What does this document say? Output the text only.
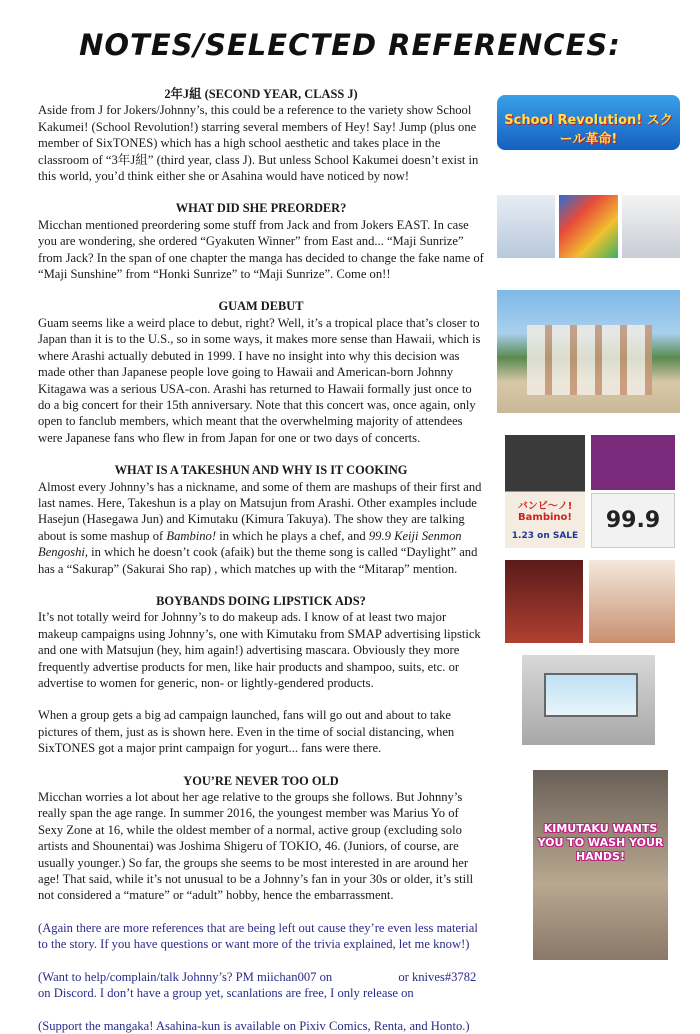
NOTES/SELECTED REFERENCES:
2年J組 (SECOND YEAR, CLASS J)

Aside from J for Jokers/Johnny’s, this could be a reference to the variety show School Kakumei! (School Revolution!) starring several members of Hey! Say! Jump (plus one member of SixTONES) which has a high school aesthetic and takes place in the classroom of “3年J組” (third year, class J). But unless School Kakumei doesn’t exist in this world, you’d think either she or Asahina would have noticed by now!

WHAT DID SHE PREORDER?

Micchan mentioned preordering some stuff from Jack and from Jokers EAST. In case you are wondering, she ordered “Gyakuten Winner” from East and... “Maji Sunrize” from Jack? In the span of one chapter the manga has decided to change the fake name of “Maji Sunshine” from “Honki Sunrize” to “Maji Sunrize”. Come on!!

GUAM DEBUT

Guam seems like a weird place to debut, right? Well, it’s a tropical place that’s closer to Japan than it is to the U.S., so in some ways, it makes more sense than Hawaii, which is where Arashi actually debuted in 1999. I have no insight into why this decision was made other than Japanese people love going to Hawaii and American-born Johnny Kitagawa was a serious USA-con. Arashi has returned to Hawaii formally just once to do a big concert for their 15th anniversary. Note that this concert was, once again, only open to fanclub members, which meant that the overwhelming majority of attendees were Japanese fans who flew in from Japan for one or two days of concerts.

WHAT IS A TAKESHUN AND WHY IS IT COOKING

Almost every Johnny’s has a nickname, and some of them are mashups of their first and last names. Here, Takeshun is a play on Matsujun from Arashi. Other examples include Hasejun (Hasegawa Jun) and Kimutaku (Kimura Takuya). The show they are talking about is some mashup of Bambino! in which he plays a chef, and 99.9 Keiji Senmon Bengoshi, in which he doesn’t cook (afaik) but the theme song is called “Daylight” and has a “Sakurap” (Sakurai Sho rap) , which matches up with the “Mitarap” mention.

BOYBANDS DOING LIPSTICK ADS?

It’s not totally weird for Johnny’s to do makeup ads. I know of at least two major makeup campaigns using Johnny’s, one with Kimutaku from SMAP advertising lipstick and one with Matsujun (hey, him again!) advertising mascara. Obviously they more frequently advertise products for men, like hair products and shampoo, suits, etc. or advertise to women for generic, non- or lightly-gendered products.

When a group gets a big ad campaign launched, fans will go out and about to take pictures of them, just as is shown here. Even in the time of social distancing, when SixTONES got a major print campaign for yogurt... fans were there.

YOU’RE NEVER TOO OLD

Micchan worries a lot about her age relative to the groups she follows. But Johnny’s really span the age range. In summer 2016, the youngest member was Marius Yo of Sexy Zone at 16, while the oldest member of a normal, active group (excluding solo artists and Shounentai) was Joshima Shigeru of TOKIO, 46. (Juniors, of course, are usually younger.) So far, the groups she seems to be most interested in are around her age! That said, while it’s not unusual to be a Johnny’s fan in your 30s or older, it’s still not considered a “mature” or “adult” hobby, hence the embarrassment.

(Again there are more references that are being left out cause they’re even less material to the story. If you have questions or want more of the trivia explained, let me know!)

(Want to help/complain/talk Johnny’s? PM miichan007 on                     or knives#3782 on Discord. I don’t have a group yet, scanlations are free, I only release on

(Support the mangaka! Asahina-kun is available on Pixiv Comics, Renta, and Honto.)

School Revolution! スクール革命!
バンビ〜ノ! Bambino!
1.23 on SALE
99.9
KIMUTAKU WANTS YOU TO WASH YOUR HANDS!
